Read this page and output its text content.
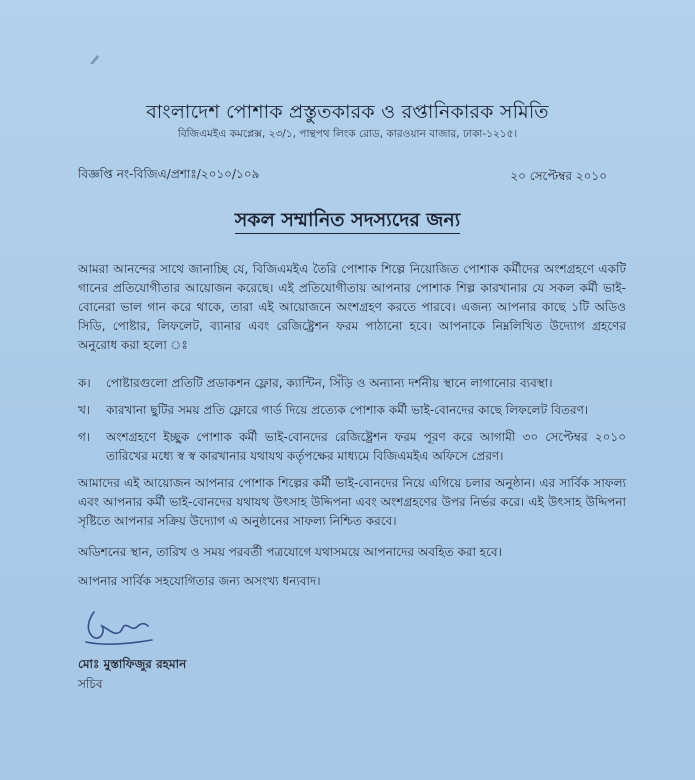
বাংলাদেশ পোশাক প্রস্তুতকারক ও রপ্তানিকারক সমিতি
বিজিএমইএ কমপ্লেক্স, ২৩/১, পান্থপথ লিংক রোড, কারওয়ান বাজার, ঢাকা-১২১৫।
বিজ্ঞপ্তি নং-বিজিএ/প্রশাঃ/২০১০/১০৯	২০ সেপ্টেম্বর ২০১০
সকল সম্মানিত সদস্যদের জন্য
আমরা আনন্দের সাথে জানাচ্ছি যে, বিজিএমইএ তৈরি পোশাক শিল্পে নিয়োজিত পোশাক কর্মীদের অংশগ্রহণে একটি গানের প্রতিযোগীতার আয়োজন করেছে। এই প্রতিযোগীতায় আপনার পোশাক শিল্প কারখানার যে সকল কর্মী ভাই-বোনেরা ভাল গান করে থাকে, তারা এই আয়োজনে অংশগ্রহণ করতে পারবে। এজন্য আপনার কাছে ১টি অডিও সিডি, পোষ্টার, লিফলেট, ব্যানার এবং রেজিষ্ট্রেশন ফরম পাঠানো হবে। আপনাকে নিম্নলিখিত উদ্যোগ গ্রহণের অনুরোধ করা হলো ঃ
ক। পোষ্টারগুলো প্রতিটি প্রডাকশন ফ্লোর, ক্যান্টিন, সিঁড়ি ও অন্যান্য দর্শনীয় স্থানে লাগানোর ব্যবস্থা।
খ। কারখানা ছুটির সময় প্রতি ফ্লোরে গার্ড দিয়ে প্রত্যেক পোশাক কর্মী ভাই-বোনদের কাছে লিফলেট বিতরণ।
গ। অংশগ্রহণে ইচ্ছুক পোশাক কর্মী ভাই-বোনদের রেজিষ্ট্রেশন ফরম পূরণ করে আগামী ৩০ সেপ্টেম্বর ২০১০ তারিখের মধ্যে স্ব স্ব কারখানার যথাযথ কর্তৃপক্ষের মাধ্যমে বিজিএমইএ অফিসে প্রেরণ।
আমাদের এই আয়োজন আপনার পোশাক শিল্পের কর্মী ভাই-বোনদের নিয়ে এগিয়ে চলার অনুষ্ঠান। এর সার্বিক সাফল্য এবং আপনার কর্মী ভাই-বোনদের যথাযথ উৎসাহ উদ্দিপনা এবং অংশগ্রহণের উপর নির্ভর করে। এই উৎসাহ উদ্দিপনা সৃষ্টিতে আপনার সক্রিয় উদ্যোগ এ অনুষ্ঠানের সাফল্য নিশ্চিত করবে।
অডিশনের স্থান, তারিখ ও সময় পরবর্তী পত্রযোগে যথাসময়ে আপনাদের অবহিত করা হবে।
আপনার সার্বিক সহযোগিতার জন্য অসংখ্য ধন্যবাদ।
মোঃ মুস্তাফিজুর রহমান
সচিব
